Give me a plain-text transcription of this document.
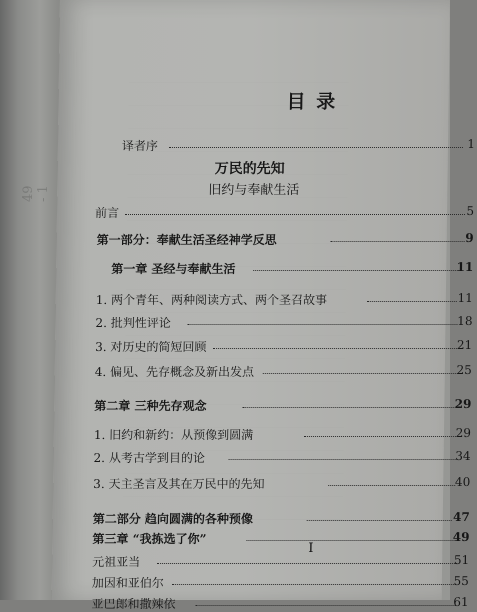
49 - 1
目 录
译者序	1
万民的先知
旧约与奉献生活
前言	5
第一部分：奉献生活圣经神学反思	9
第一章 圣经与奉献生活	11
1. 两个青年、两种阅读方式、两个圣召故事	11
2. 批判性评论	18
3. 对历史的简短回顾	21
4. 偏见、先存概念及新出发点	25
第二章 三种先存观念	29
1. 旧约和新约：从预像到圆满	29
2. 从考古学到目的论	34
3. 天主圣言及其在万民中的先知	40
第二部分 趋向圆满的各种预像	47
第三章 “我拣选了你”	49
元祖亚当	51
加因和亚伯尔	55
亚巴郎和撒辣依	61
I
